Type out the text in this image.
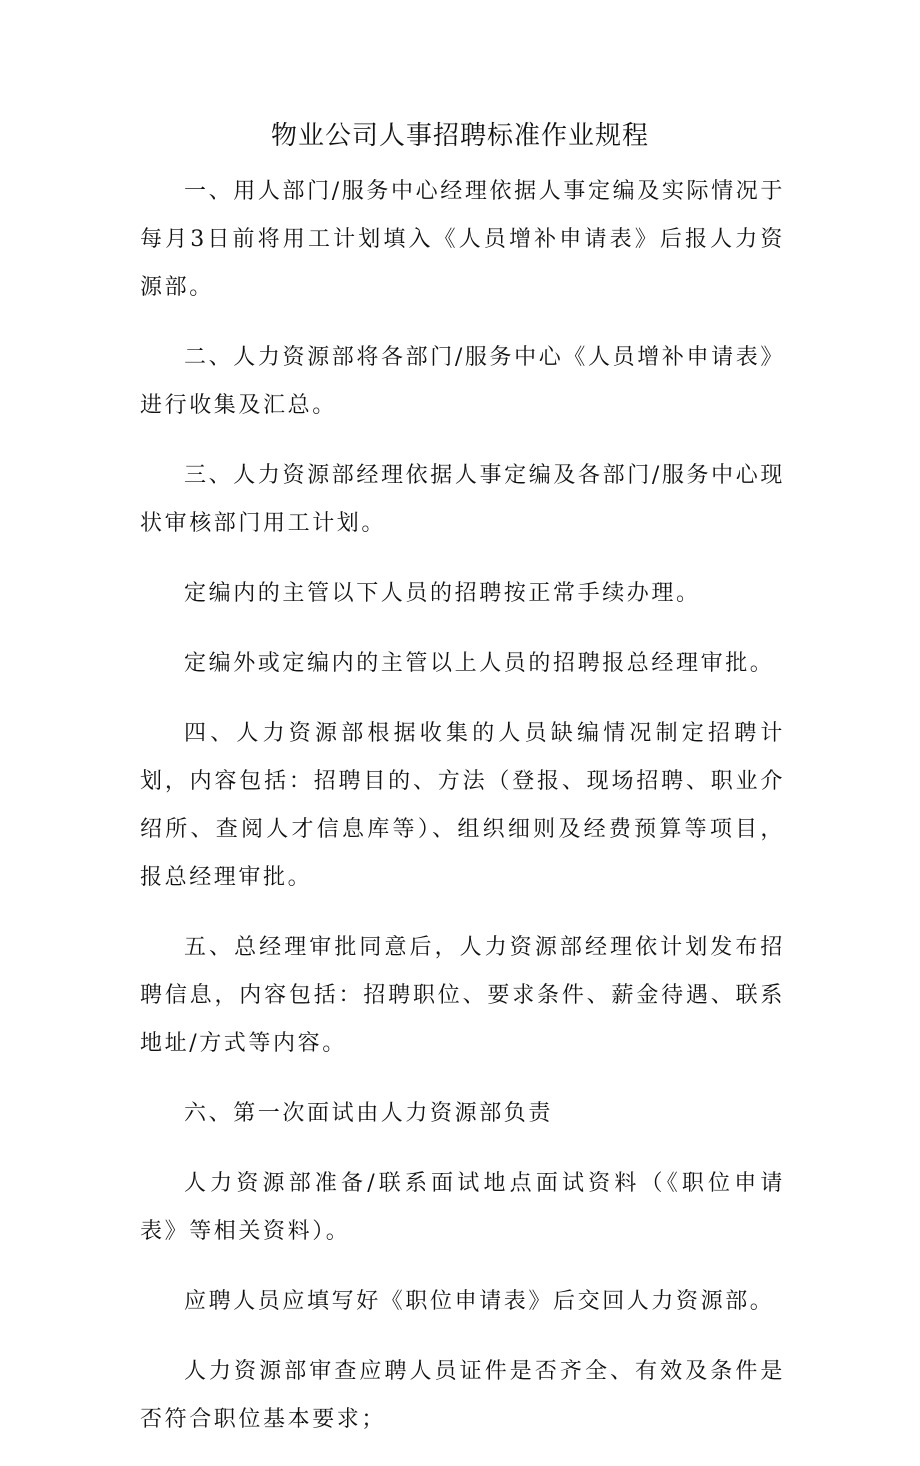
物业公司人事招聘标准作业规程

一、用人部门/服务中心经理依据人事定编及实际情况于每月3日前将用工计划填入《人员增补申请表》后报人力资源部。

二、人力资源部将各部门/服务中心《人员增补申请表》进行收集及汇总。

三、人力资源部经理依据人事定编及各部门/服务中心现状审核部门用工计划。

定编内的主管以下人员的招聘按正常手续办理。

定编外或定编内的主管以上人员的招聘报总经理审批。

四、人力资源部根据收集的人员缺编情况制定招聘计划，内容包括：招聘目的、方法（登报、现场招聘、职业介绍所、查阅人才信息库等）、组织细则及经费预算等项目，报总经理审批。

五、总经理审批同意后，人力资源部经理依计划发布招聘信息，内容包括：招聘职位、要求条件、薪金待遇、联系地址/方式等内容。

六、第一次面试由人力资源部负责

人力资源部准备/联系面试地点面试资料（《职位申请表》等相关资料）。

应聘人员应填写好《职位申请表》后交回人力资源部。

人力资源部审查应聘人员证件是否齐全、有效及条件是否符合职位基本要求；
